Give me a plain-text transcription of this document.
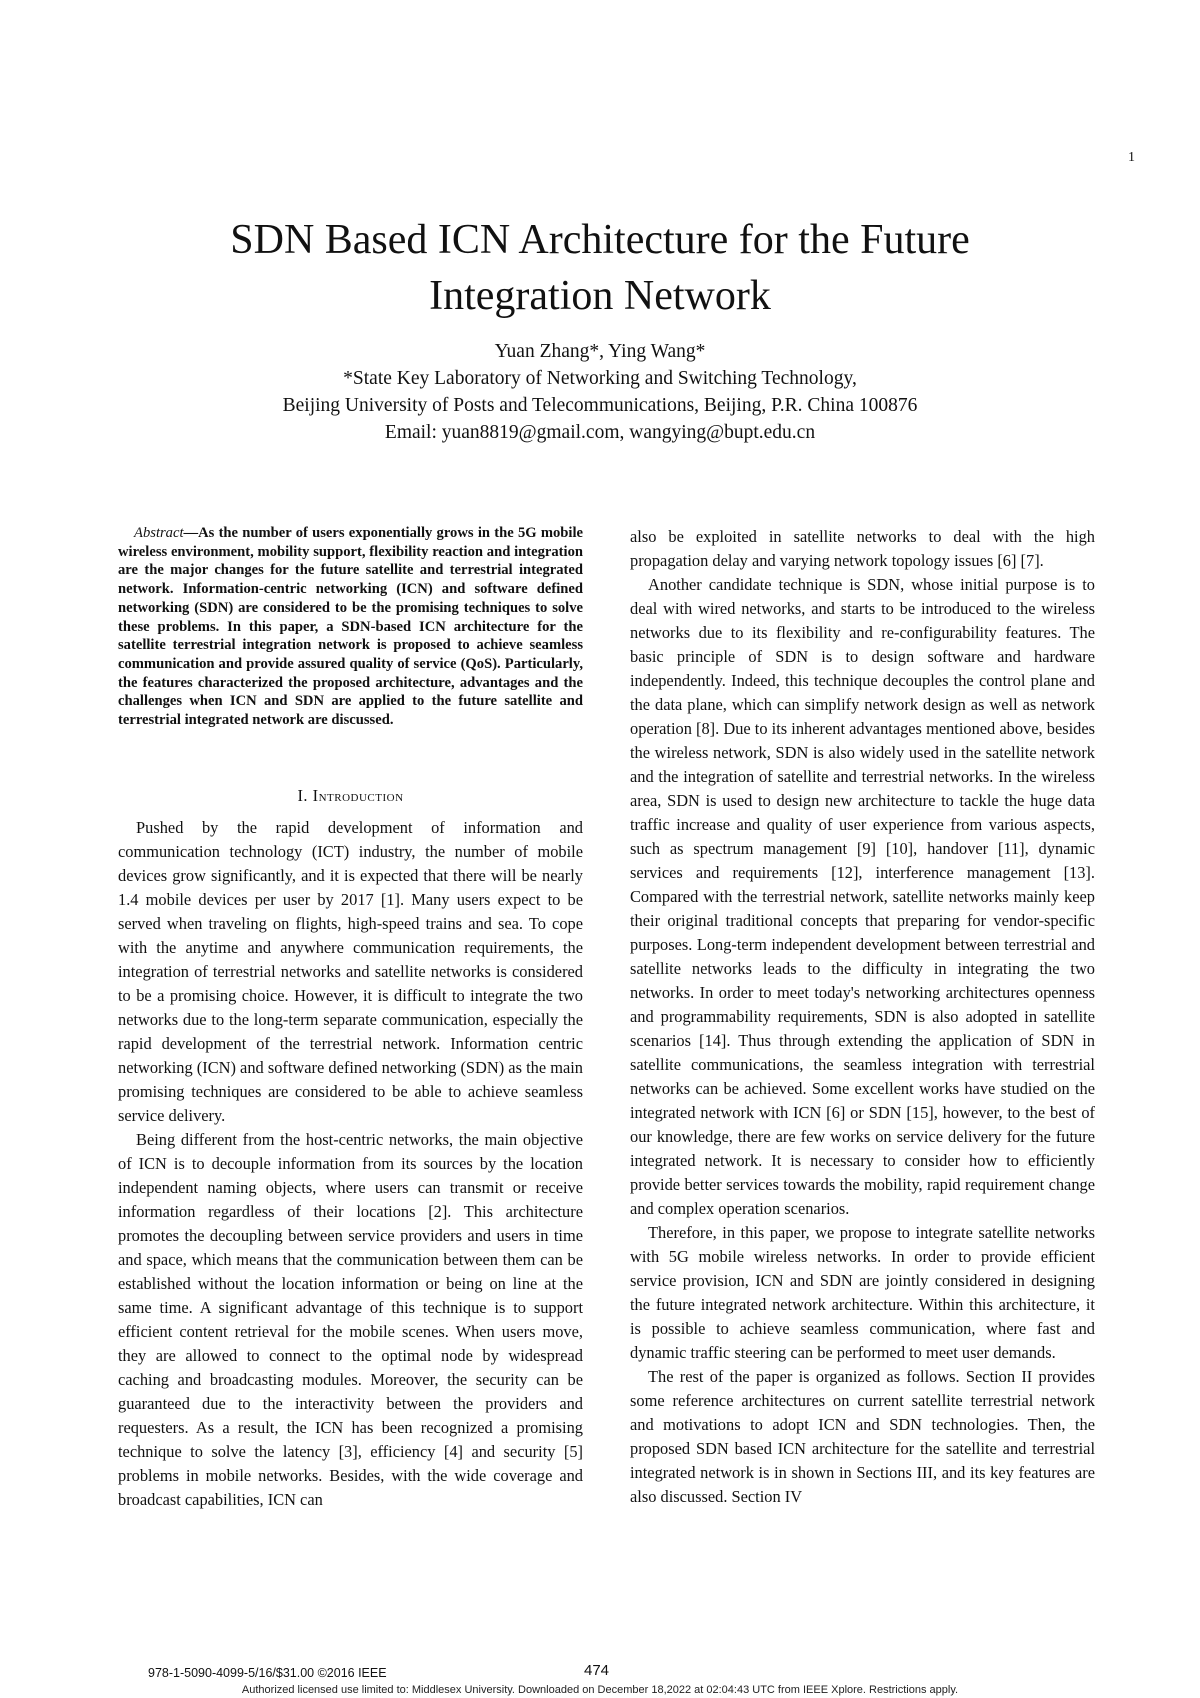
1
SDN Based ICN Architecture for the Future
Integration Network
Yuan Zhang*, Ying Wang*
*State Key Laboratory of Networking and Switching Technology,
Beijing University of Posts and Telecommunications, Beijing, P.R. China 100876
Email: yuan8819@gmail.com, wangying@bupt.edu.cn

Abstract—As the number of users exponentially grows in the 5G mobile wireless environment, mobility support, flexibility reaction and integration are the major changes for the future satellite and terrestrial integrated network. Information-centric networking (ICN) and software defined networking (SDN) are considered to be the promising techniques to solve these problems. In this paper, a SDN-based ICN architecture for the satellite terrestrial integration network is proposed to achieve seamless communication and provide assured quality of service (QoS). Particularly, the features characterized the proposed architecture, advantages and the challenges when ICN and SDN are applied to the future satellite and terrestrial integrated network are discussed.

I. Introduction

Pushed by the rapid development of information and communication technology (ICT) industry, the number of mobile devices grow significantly, and it is expected that there will be nearly 1.4 mobile devices per user by 2017 [1]. Many users expect to be served when traveling on flights, high-speed trains and sea. To cope with the anytime and anywhere communication requirements, the integration of terrestrial networks and satellite networks is considered to be a promising choice. However, it is difficult to integrate the two networks due to the long-term separate communication, especially the rapid development of the terrestrial network. Information centric networking (ICN) and software defined networking (SDN) as the main promising techniques are considered to be able to achieve seamless service delivery.

Being different from the host-centric networks, the main objective of ICN is to decouple information from its sources by the location independent naming objects, where users can transmit or receive information regardless of their locations [2]. This architecture promotes the decoupling between service providers and users in time and space, which means that the communication between them can be established without the location information or being on line at the same time. A significant advantage of this technique is to support efficient content retrieval for the mobile scenes. When users move, they are allowed to connect to the optimal node by widespread caching and broadcasting modules. Moreover, the security can be guaranteed due to the interactivity between the providers and requesters. As a result, the ICN has been recognized a promising technique to solve the latency [3], efficiency [4] and security [5] problems in mobile networks. Besides, with the wide coverage and broadcast capabilities, ICN can

also be exploited in satellite networks to deal with the high propagation delay and varying network topology issues [6] [7].

Another candidate technique is SDN, whose initial purpose is to deal with wired networks, and starts to be introduced to the wireless networks due to its flexibility and re-configurability features. The basic principle of SDN is to design software and hardware independently. Indeed, this technique decouples the control plane and the data plane, which can simplify network design as well as network operation [8]. Due to its inherent advantages mentioned above, besides the wireless network, SDN is also widely used in the satellite network and the integration of satellite and terrestrial networks. In the wireless area, SDN is used to design new architecture to tackle the huge data traffic increase and quality of user experience from various aspects, such as spectrum management [9] [10], handover [11], dynamic services and requirements [12], interference management [13]. Compared with the terrestrial network, satellite networks mainly keep their original traditional concepts that preparing for vendor-specific purposes. Long-term independent development between terrestrial and satellite networks leads to the difficulty in integrating the two networks. In order to meet today's networking architectures openness and programmability requirements, SDN is also adopted in satellite scenarios [14]. Thus through extending the application of SDN in satellite communications, the seamless integration with terrestrial networks can be achieved. Some excellent works have studied on the integrated network with ICN [6] or SDN [15], however, to the best of our knowledge, there are few works on service delivery for the future integrated network. It is necessary to consider how to efficiently provide better services towards the mobility, rapid requirement change and complex operation scenarios.

Therefore, in this paper, we propose to integrate satellite networks with 5G mobile wireless networks. In order to provide efficient service provision, ICN and SDN are jointly considered in designing the future integrated network architecture. Within this architecture, it is possible to achieve seamless communication, where fast and dynamic traffic steering can be performed to meet user demands.

The rest of the paper is organized as follows. Section II provides some reference architectures on current satellite terrestrial network and motivations to adopt ICN and SDN technologies. Then, the proposed SDN based ICN architecture for the satellite and terrestrial integrated network is in shown in Sections III, and its key features are also discussed. Section IV

978-1-5090-4099-5/16/$31.00 ©2016 IEEE	474
Authorized licensed use limited to: Middlesex University. Downloaded on December 18,2022 at 02:04:43 UTC from IEEE Xplore. Restrictions apply.
